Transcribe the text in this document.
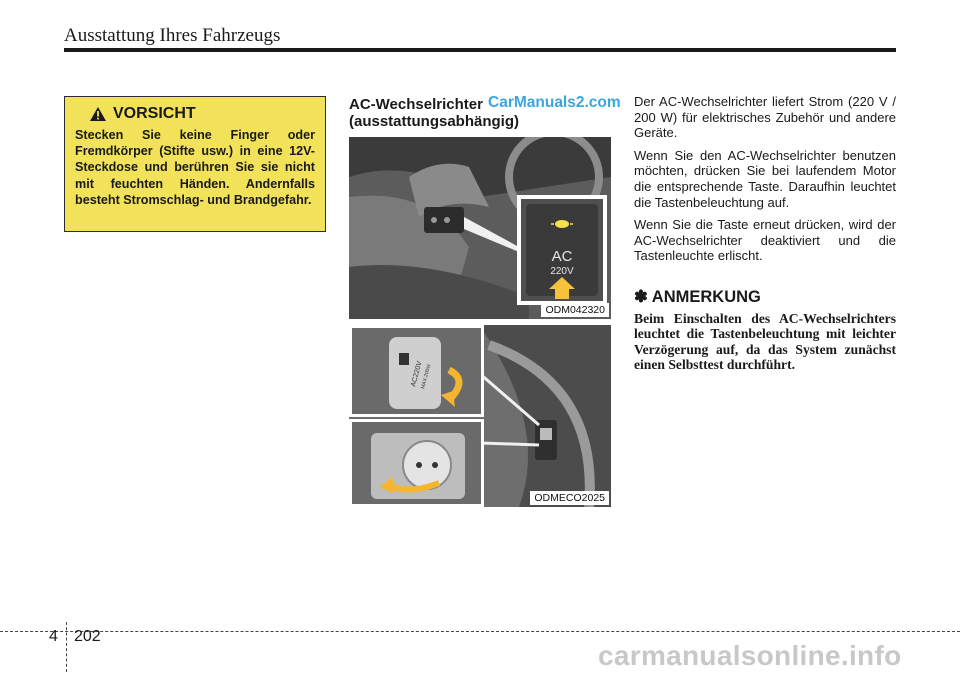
Ausstattung Ihres Fahrzeugs
VORSICHT
Stecken Sie keine Finger oder Fremdkörper (Stifte usw.) in eine 12V-Steckdose und berühren Sie sie nicht mit feuchten Händen. Andernfalls besteht Stromschlag- und Brandgefahr.
AC-Wechselrichter
(ausstattungsabhängig)
CarManuals2.com
AC
220V
ODM042320
AC220V
MAX.200W
ODMECO2025

Der AC-Wechselrichter liefert Strom (220 V / 200 W) für elektrisches Zubehör und andere Geräte.

Wenn Sie den AC-Wechselrichter benutzen möchten, drücken Sie bei laufendem Motor die entsprechende Taste. Daraufhin leuchtet die Tastenbeleuchtung auf.

Wenn Sie die Taste erneut drücken, wird der AC-Wechselrichter deaktiviert und die Tastenleuchte erlischt.

✽ ANMERKUNG
Beim Einschalten des AC-Wechselrichters leuchtet die Tastenbeleuchtung mit leichter Verzögerung auf, da das System zunächst einen Selbsttest durchführt.
4 202
carmanualsonline.info
